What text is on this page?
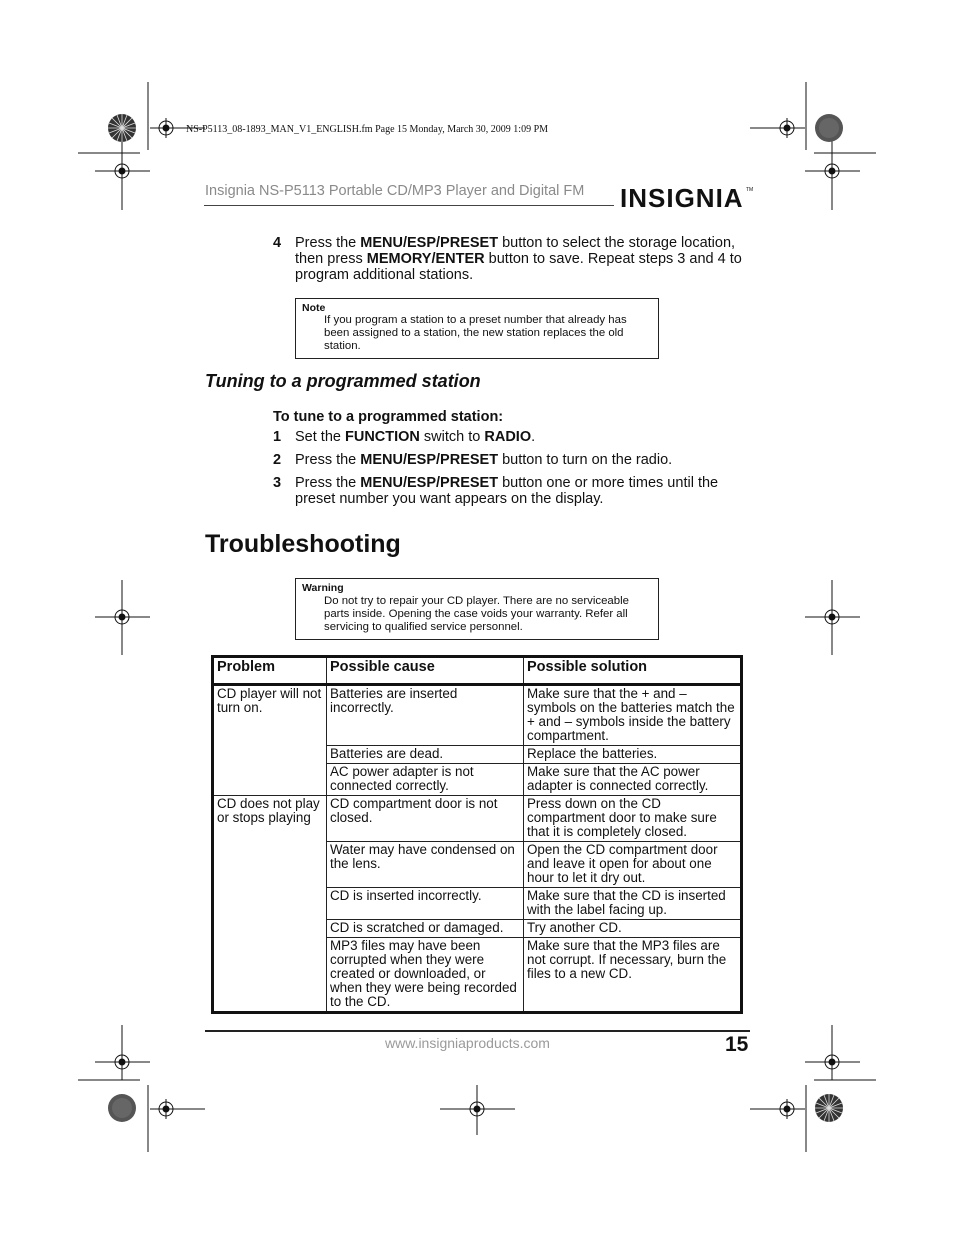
NS-P5113_08-1893_MAN_V1_ENGLISH.fm Page 15 Monday, March 30, 2009 1:09 PM
Insignia NS-P5113 Portable CD/MP3 Player and Digital FM INSIGNIA TM
4 Press the MENU/ESP/PRESET button to select the storage location, then press MEMORY/ENTER button to save. Repeat steps 3 and 4 to program additional stations.
Note
If you program a station to a preset number that already has been assigned to a station, the new station replaces the old station.
Tuning to a programmed station
To tune to a programmed station:
1 Set the FUNCTION switch to RADIO.
2 Press the MENU/ESP/PRESET button to turn on the radio.
3 Press the MENU/ESP/PRESET button one or more times until the preset number you want appears on the display.
Troubleshooting
Warning
Do not try to repair your CD player. There are no serviceable parts inside. Opening the case voids your warranty. Refer all servicing to qualified service personnel.
Problem	Possible cause	Possible solution
CD player will not turn on.	Batteries are inserted incorrectly.	Make sure that the + and – symbols on the batteries match the + and – symbols inside the battery compartment.
	Batteries are dead.	Replace the batteries.
	AC power adapter is not connected correctly.	Make sure that the AC power adapter is connected correctly.
CD does not play or stops playing	CD compartment door is not closed.	Press down on the CD compartment door to make sure that it is completely closed.
	Water may have condensed on the lens.	Open the CD compartment door and leave it open for about one hour to let it dry out.
	CD is inserted incorrectly.	Make sure that the CD is inserted with the label facing up.
	CD is scratched or damaged.	Try another CD.
	MP3 files may have been corrupted when they were created or downloaded, or when they were being recorded to the CD.	Make sure that the MP3 files are not corrupt. If necessary, burn the files to a new CD.
www.insigniaproducts.com	15
